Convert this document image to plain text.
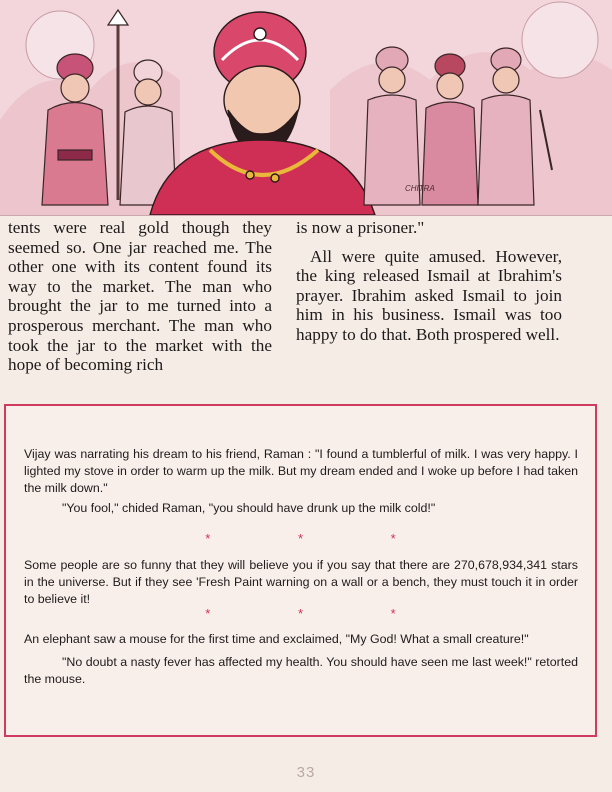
CHITRA

tents were real gold though they seemed so. One jar reached me. The other one with its content found its way to the market. The man who brought the jar to me turned into a prosperous merchant. The man who took the jar to the market with the hope of becoming rich

is now a prisoner."

All were quite amused. However, the king released Ismail at Ibrahim's prayer. Ibrahim asked Ismail to join him in his business. Ismail was too happy to do that. Both prospered well.

Vijay was narrating his dream to his friend, Raman : "I found a tumblerful of milk. I was very happy. I lighted my stove in order to warm up the milk. But my dream ended and I woke up before I had taken the milk down."

"You fool," chided Raman, "you should have drunk up the milk cold!"

* * *

Some people are so funny that they will believe you if you say that there are 270,678,934,341 stars in the universe. But if they see 'Fresh Paint warning on a wall or a bench, they must touch it in order to believe it!

* * *

An elephant saw a mouse for the first time and exclaimed, "My God! What a small creature!"

"No doubt a nasty fever has affected my health. You should have seen me last week!" retorted the mouse.

33
